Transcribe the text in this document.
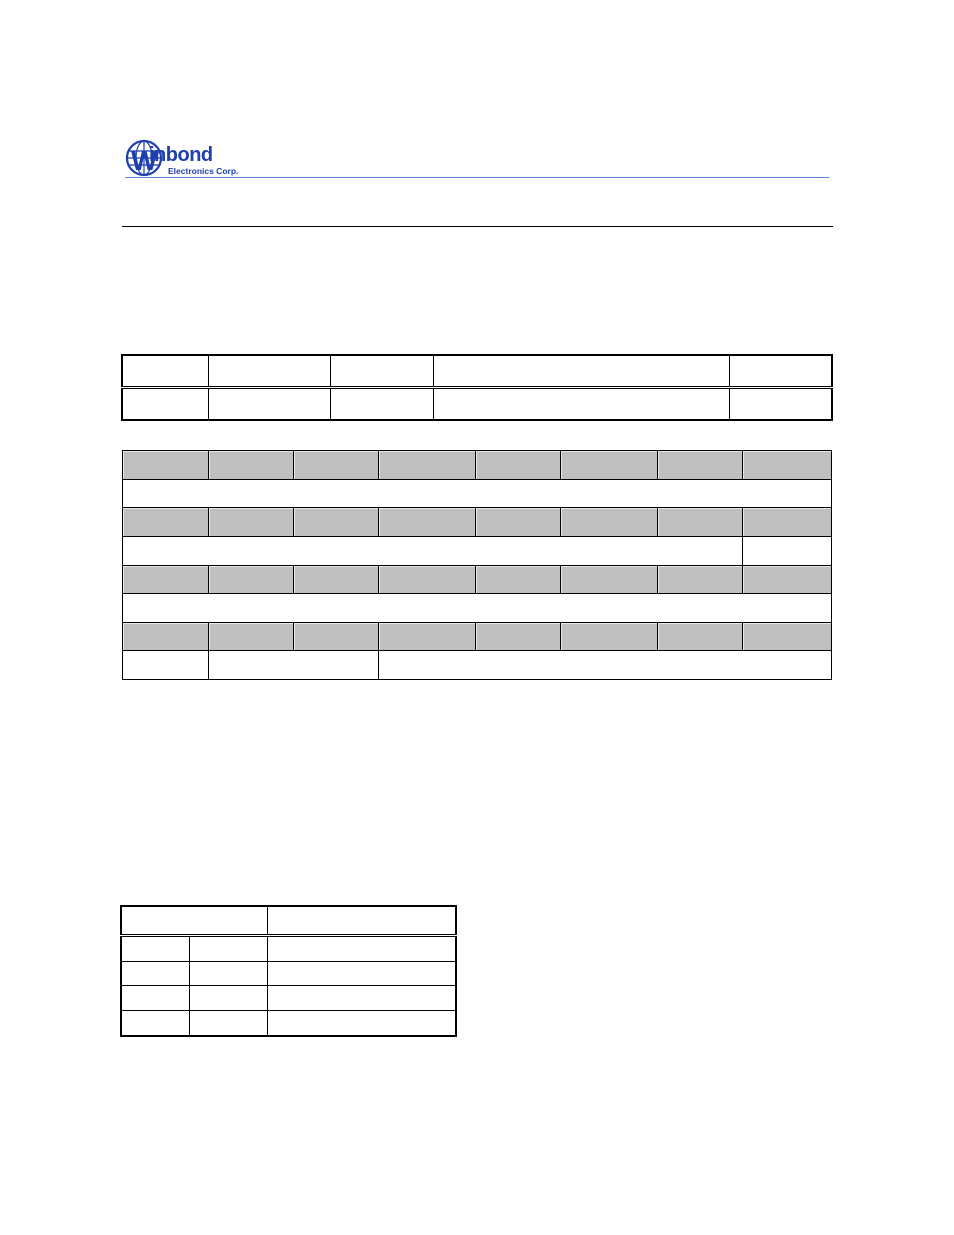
W
inbond
Electronics Corp.
